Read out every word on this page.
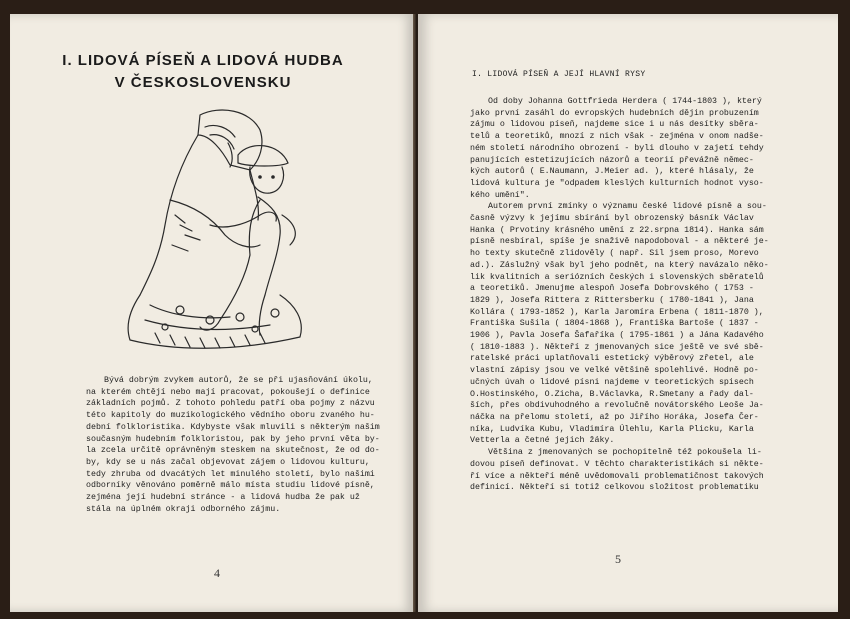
I. LIDOVÁ PÍSEŇ A LIDOVÁ HUDBA
V ČESKOSLOVENSKU

Bývá dobrým zvykem autorů, že se při ujasňování úkolu,

na kterém chtějí nebo mají pracovat, pokoušejí o definice

základních pojmů. Z tohoto pohledu patří oba pojmy z názvu

této kapitoly do muzikologického vědního oboru zvaného hu-

dební folkloristika. Kdybyste však mluvili s některým našim

současným hudebním folkloristou, pak by jeho první věta by-

la zcela určitě oprávněným steskem na skutečnost, že od do-

by, kdy se u nás začal objevovat zájem o lidovou kulturu,

tedy zhruba od dvacátých let minulého století, bylo našimi

odborníky věnováno poměrně málo místa studiu lidové písně,

zejména její hudební stránce - a lidová hudba že pak už

stála na úplném okraji odborného zájmu.

4
I. LIDOVÁ PÍSEŇ A JEJÍ HLAVNÍ RYSY

Od doby Johanna Gottfrieda Herdera ( 1744-1803 ), který

jako první zasáhl do evropských hudebních dějin probuzením

zájmu o lidovou píseň, najdeme sice i u nás desítky sběra-

telů a teoretiků, mnozí z nich však - zejména v onom nadše-

ném století národního obrození - byli dlouho v zajetí tehdy

panujících estetizujících názorů a teorií převážně němec-

kých autorů ( E.Naumann, J.Meier ad. ), které hlásaly, že

lidová kultura je "odpadem kleslých kulturních hodnot vyso-

kého umění".

Autorem první zmínky o významu české lidové písně a sou-

časně výzvy k jejímu sbírání byl obrozenský básník Václav

Hanka ( Prvotiny krásného umění z 22.srpna 1814). Hanka sám

písně nesbíral, spíše je snaživě napodoboval - a některé je-

ho texty skutečně zlidověly ( např. Sil jsem proso, Morevo

ad.). Záslužný však byl jeho podnět, na který navázalo něko-

lik kvalitních a seriózních českých i slovenských sběratelů

a teoretiků. Jmenujme alespoň Josefa Dobrovského ( 1753 -

1829 ), Josefa Rittera z Rittersberku ( 1780-1841 ), Jana

Kollára ( 1793-1852 ), Karla Jaromíra Erbena ( 1811-1870 ),

Františka Sušila ( 1804-1868 ), Františka Bartoše ( 1837 -

1906 ), Pavla Josefa Šafaříka ( 1795-1861 ) a Jána Kadavého

( 1810-1883 ). Někteří z jmenovaných sice ještě ve své sbě-

ratelské práci uplatňovali estetický výběrový zřetel, ale

vlastní zápisy jsou ve velké většině spolehlivé. Hodně po-

učných úvah o lidové písni najdeme v teoretických spisech

O.Hostinského, O.Zicha, B.Václavka, R.Smetany a řady dal-

ších, přes obdivuhodného a revolučně novátorského Leoše Ja-

náčka na přelomu století, až po Jiřího Horáka, Josefa Čer-

níka, Ludvíka Kubu, Vladimíra Úlehlu, Karla Plicku, Karla

Vetterla a četné jejich žáky.

Většina z jmenovaných se pochopitelně též pokoušela li-

dovou píseň definovat. V těchto charakteristikách si někte-

ří více a někteří méně uvědomovali problematičnost takových

definicí. Někteří si totiž celkovou složitost problematiku

5
